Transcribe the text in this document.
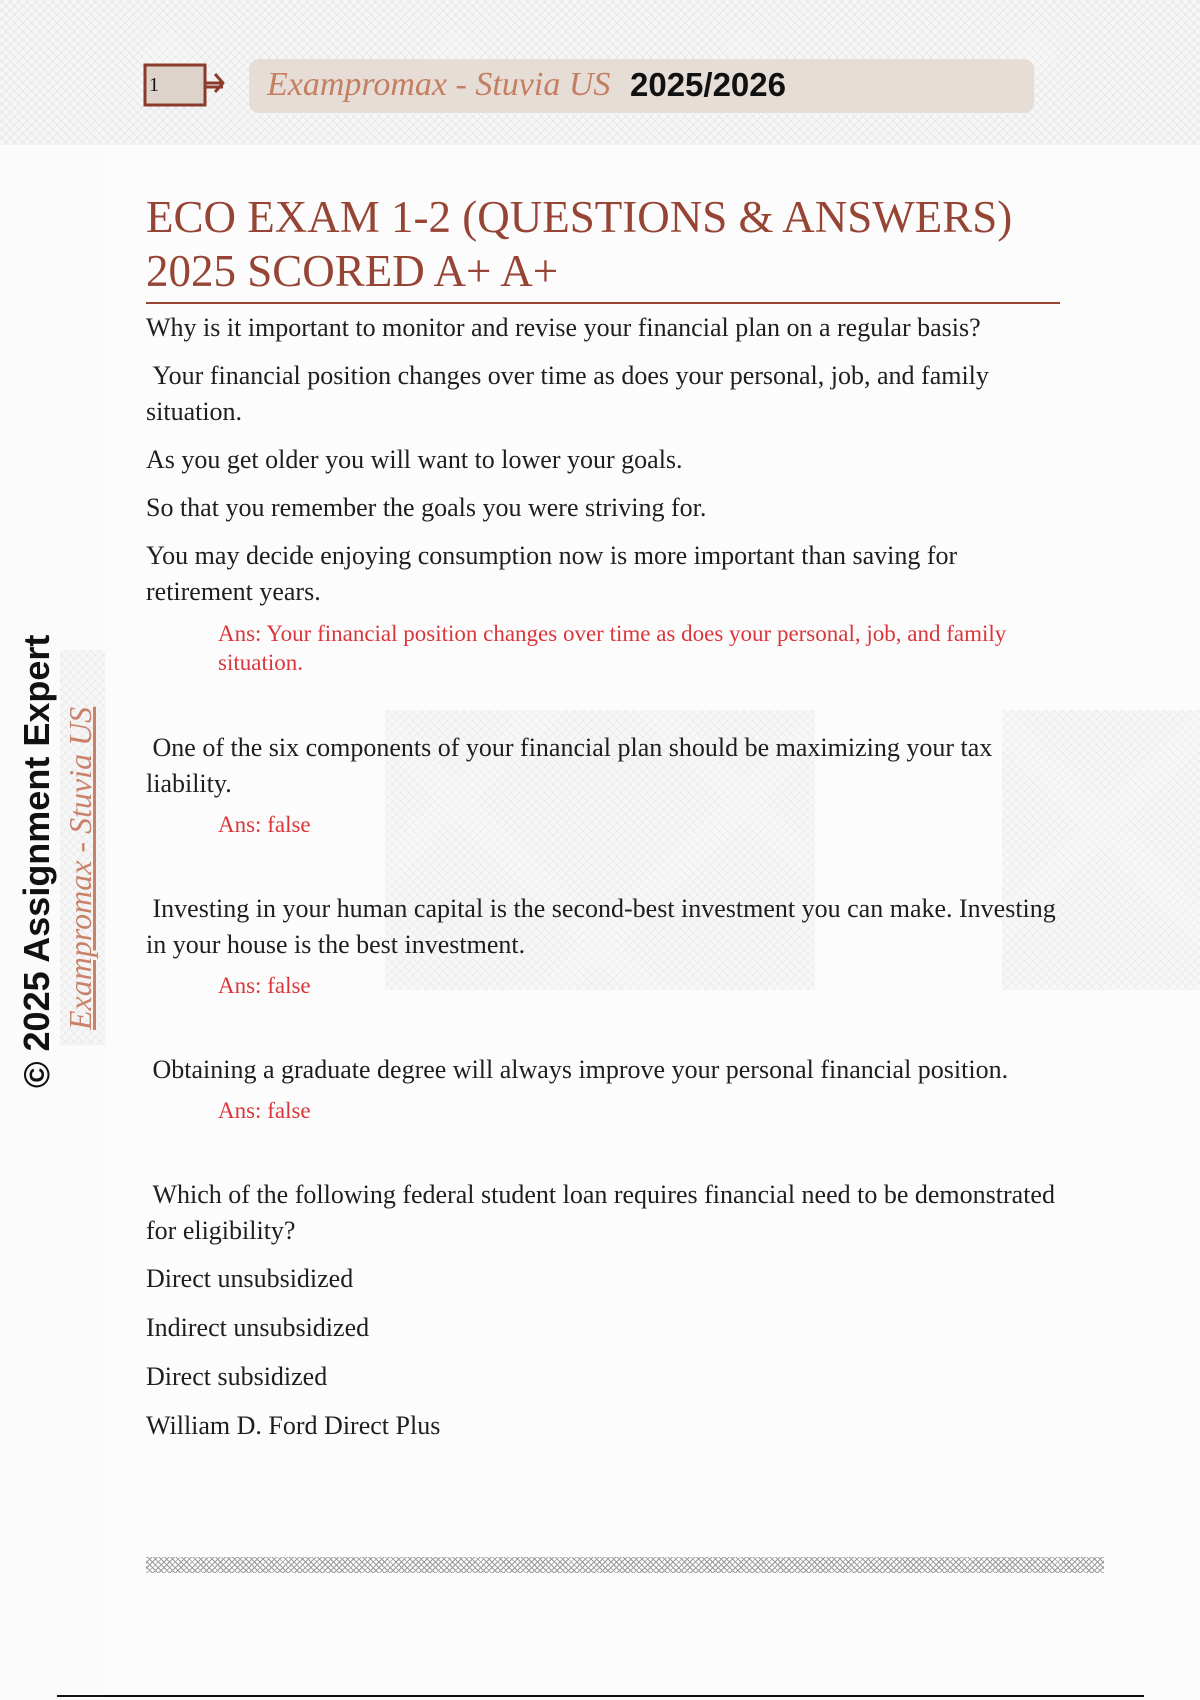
1	Exampromax - Stuvia US 2025/2026
© 2025 Assignment Expert Exampromax - Stuvia US
ECO EXAM 1-2 (QUESTIONS & ANSWERS)
2025 SCORED A+ A+

Why is it important to monitor and revise your financial plan on a regular basis?

Your financial position changes over time as does your personal, job, and family situation.

As you get older you will want to lower your goals.

So that you remember the goals you were striving for.

You may decide enjoying consumption now is more important than saving for retirement years.

Ans: Your financial position changes over time as does your personal, job, and family situation.

One of the six components of your financial plan should be maximizing your tax liability.

Ans: false

Investing in your human capital is the second-best investment you can make. Investing in your house is the best investment.

Ans: false

Obtaining a graduate degree will always improve your personal financial position.

Ans: false

Which of the following federal student loan requires financial need to be demonstrated for eligibility?

Direct unsubsidized

Indirect unsubsidized

Direct subsidized

William D. Ford Direct Plus
